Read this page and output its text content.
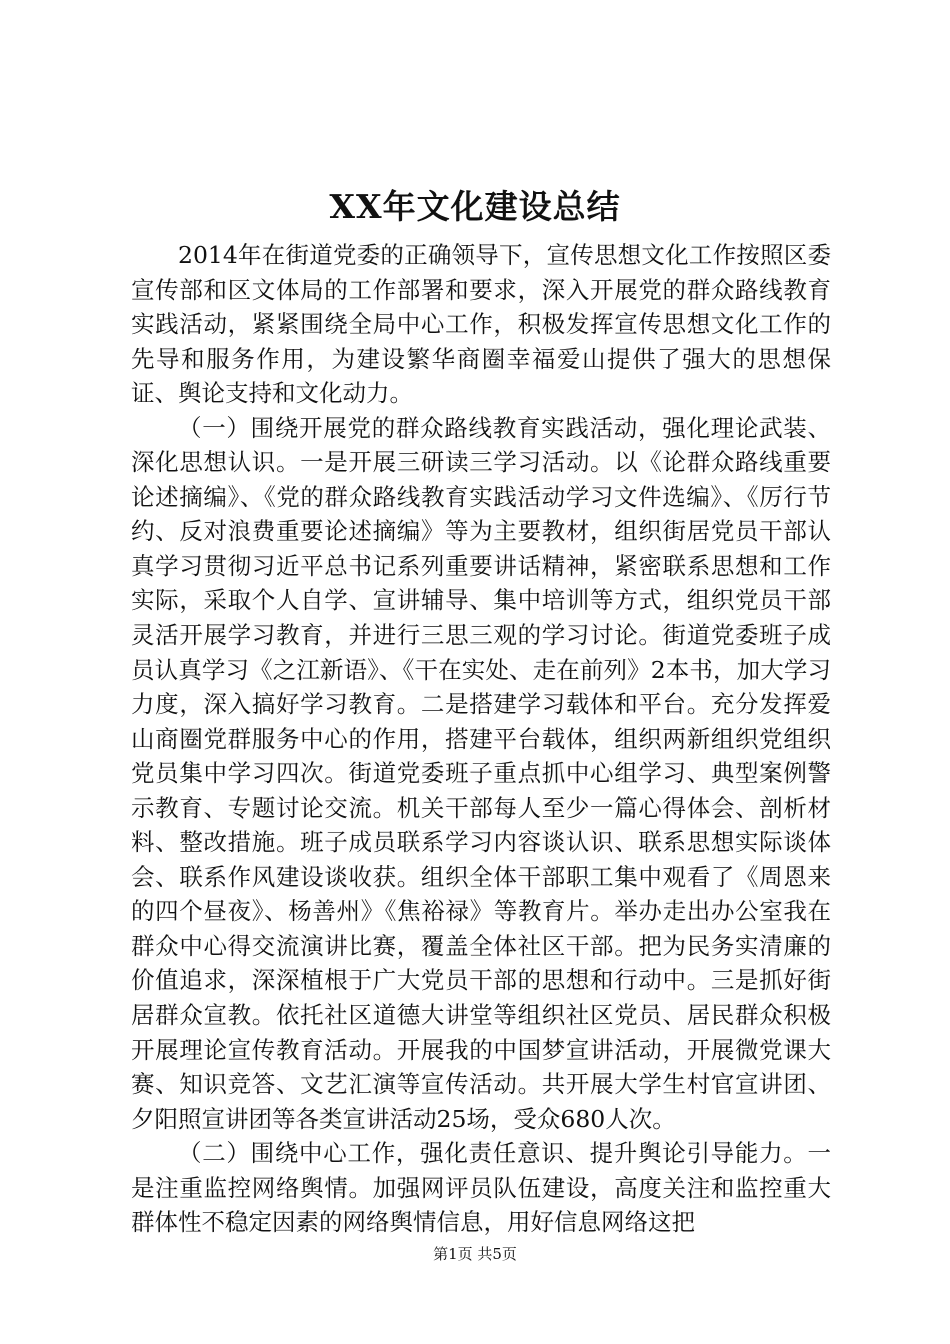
XX年文化建设总结

2014年在街道党委的正确领导下，宣传思想文化工作按照区委宣传部和区文体局的工作部署和要求，深入开展党的群众路线教育实践活动，紧紧围绕全局中心工作，积极发挥宣传思想文化工作的先导和服务作用，为建设繁华商圈幸福爱山提供了强大的思想保证、舆论支持和文化动力。

（一）围绕开展党的群众路线教育实践活动，强化理论武装、深化思想认识。一是开展三研读三学习活动。以《论群众路线重要论述摘编》、《党的群众路线教育实践活动学习文件选编》、《厉行节约、反对浪费重要论述摘编》等为主要教材，组织街居党员干部认真学习贯彻习近平总书记系列重要讲话精神，紧密联系思想和工作实际，采取个人自学、宣讲辅导、集中培训等方式，组织党员干部灵活开展学习教育，并进行三思三观的学习讨论。街道党委班子成员认真学习《之江新语》、《干在实处、走在前列》2本书，加大学习力度，深入搞好学习教育。二是搭建学习载体和平台。充分发挥爱山商圈党群服务中心的作用，搭建平台载体，组织两新组织党组织党员集中学习四次。街道党委班子重点抓中心组学习、典型案例警示教育、专题讨论交流。机关干部每人至少一篇心得体会、剖析材料、整改措施。班子成员联系学习内容谈认识、联系思想实际谈体会、联系作风建设谈收获。组织全体干部职工集中观看了《周恩来的四个昼夜》、杨善州》《焦裕禄》等教育片。举办走出办公室我在群众中心得交流演讲比赛，覆盖全体社区干部。把为民务实清廉的价值追求，深深植根于广大党员干部的思想和行动中。三是抓好街居群众宣教。依托社区道德大讲堂等组织社区党员、居民群众积极开展理论宣传教育活动。开展我的中国梦宣讲活动，开展微党课大赛、知识竞答、文艺汇演等宣传活动。共开展大学生村官宣讲团、夕阳照宣讲团等各类宣讲活动25场，受众680人次。

（二）围绕中心工作，强化责任意识、提升舆论引导能力。一是注重监控网络舆情。加强网评员队伍建设，高度关注和监控重大群体性不稳定因素的网络舆情信息，用好信息网络这把

第1页 共5页
